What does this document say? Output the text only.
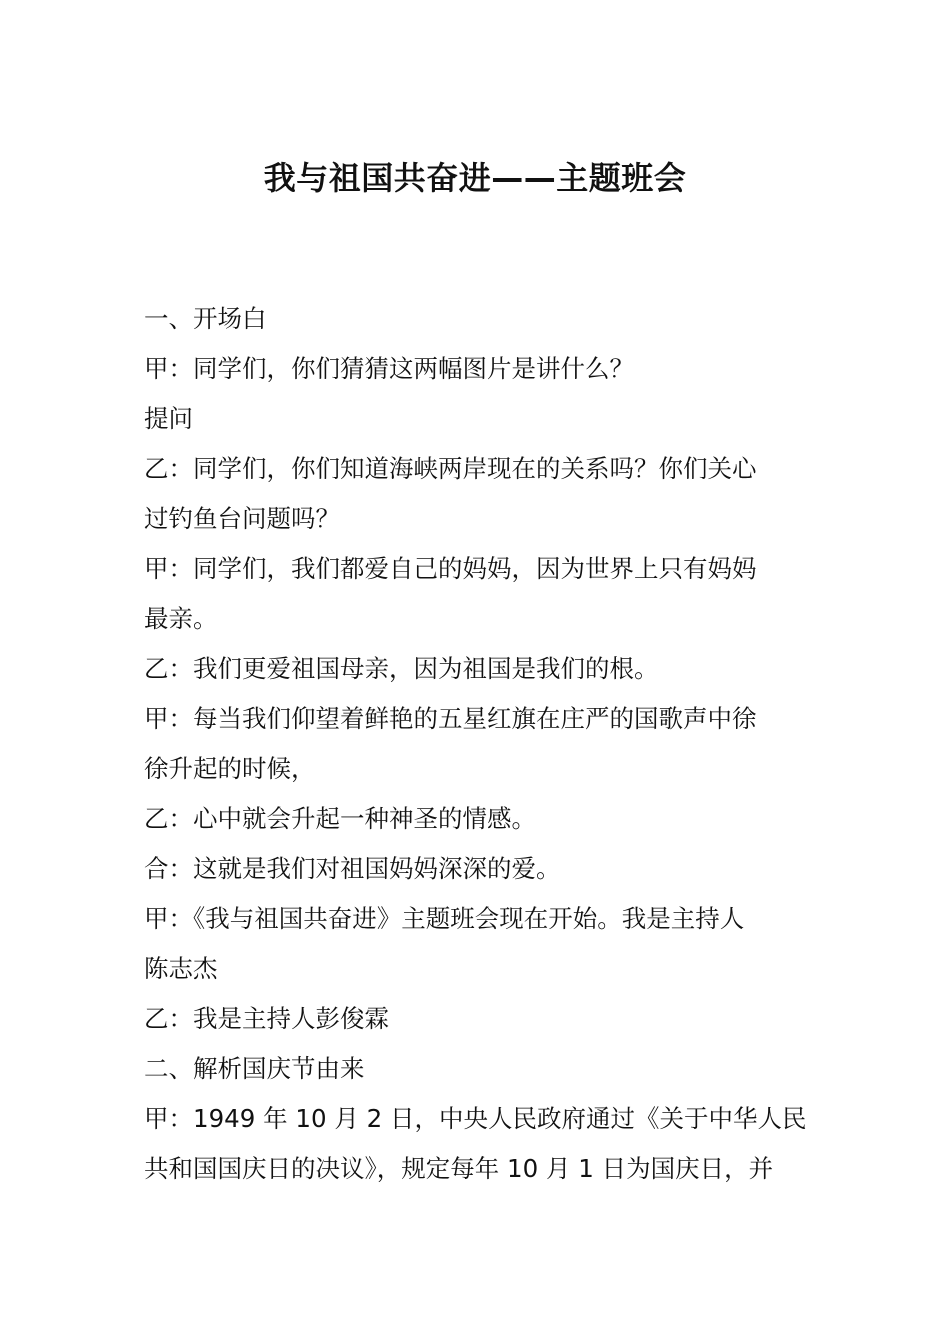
我与祖国共奋进——主题班会
一、开场白
甲：同学们，你们猜猜这两幅图片是讲什么？
提问
乙：同学们，你们知道海峡两岸现在的关系吗？你们关心
过钓鱼台问题吗？
甲：同学们，我们都爱自己的妈妈，因为世界上只有妈妈
最亲。
乙：我们更爱祖国母亲，因为祖国是我们的根。
甲：每当我们仰望着鲜艳的五星红旗在庄严的国歌声中徐
徐升起的时候，
乙：心中就会升起一种神圣的情感。
合：这就是我们对祖国妈妈深深的爱。
甲：《我与祖国共奋进》主题班会现在开始。我是主持人
陈志杰
乙：我是主持人彭俊霖
二、解析国庆节由来
甲：1949 年 10 月 2 日，中央人民政府通过《关于中华人民
共和国国庆日的决议》，规定每年 10 月 1 日为国庆日，并
